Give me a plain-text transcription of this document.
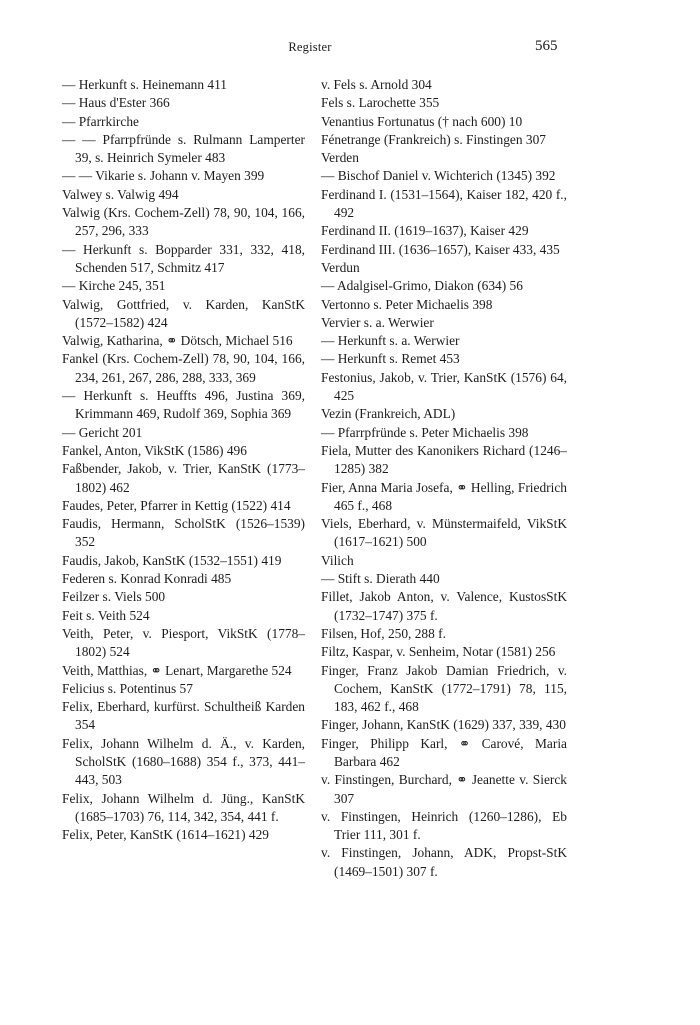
Register	565
— Herkunft s. Heinemann 411
— Haus d'Ester 366
— Pfarrkirche
— — Pfarrpfründe s. Rulmann Lamperter 39, s. Heinrich Symeler 483
— — Vikarie s. Johann v. Mayen 399
Valwey s. Valwig 494
Valwig (Krs. Cochem-Zell) 78, 90, 104, 166, 257, 296, 333
— Herkunft s. Bopparder 331, 332, 418, Schenden 517, Schmitz 417
— Kirche 245, 351
Valwig, Gottfried, v. Karden, KanStK (1572–1582) 424
Valwig, Katharina, ⚭ Dötsch, Michael 516
Fankel (Krs. Cochem-Zell) 78, 90, 104, 166, 234, 261, 267, 286, 288, 333, 369
— Herkunft s. Heuffts 496, Justina 369, Krimmann 469, Rudolf 369, Sophia 369
— Gericht 201
Fankel, Anton, VikStK (1586) 496
Faßbender, Jakob, v. Trier, KanStK (1773–1802) 462
Faudes, Peter, Pfarrer in Kettig (1522) 414
Faudis, Hermann, ScholStK (1526–1539) 352
Faudis, Jakob, KanStK (1532–1551) 419
Federen s. Konrad Konradi 485
Feilzer s. Viels 500
Feit s. Veith 524
Veith, Peter, v. Piesport, VikStK (1778–1802) 524
Veith, Matthias, ⚭ Lenart, Margarethe 524
Felicius s. Potentinus 57
Felix, Eberhard, kurfürst. Schultheiß Karden 354
Felix, Johann Wilhelm d. Ä., v. Karden, ScholStK (1680–1688) 354 f., 373, 441–443, 503
Felix, Johann Wilhelm d. Jüng., KanStK (1685–1703) 76, 114, 342, 354, 441 f.
Felix, Peter, KanStK (1614–1621) 429
v. Fels s. Arnold 304
Fels s. Larochette 355
Venantius Fortunatus († nach 600) 10
Fénetrange (Frankreich) s. Finstingen 307
Verden
— Bischof Daniel v. Wichterich (1345) 392
Ferdinand I. (1531–1564), Kaiser 182, 420 f., 492
Ferdinand II. (1619–1637), Kaiser 429
Ferdinand III. (1636–1657), Kaiser 433, 435
Verdun
— Adalgisel-Grimo, Diakon (634) 56
Vertonno s. Peter Michaelis 398
Vervier s. a. Werwier
— Herkunft s. a. Werwier
— Herkunft s. Remet 453
Festonius, Jakob, v. Trier, KanStK (1576) 64, 425
Vezin (Frankreich, ADL)
— Pfarrpfründe s. Peter Michaelis 398
Fiela, Mutter des Kanonikers Richard (1246–1285) 382
Fier, Anna Maria Josefa, ⚭ Helling, Friedrich 465 f., 468
Viels, Eberhard, v. Münstermaifeld, VikStK (1617–1621) 500
Vilich
— Stift s. Dierath 440
Fillet, Jakob Anton, v. Valence, KustosStK (1732–1747) 375 f.
Filsen, Hof, 250, 288 f.
Filtz, Kaspar, v. Senheim, Notar (1581) 256
Finger, Franz Jakob Damian Friedrich, v. Cochem, KanStK (1772–1791) 78, 115, 183, 462 f., 468
Finger, Johann, KanStK (1629) 337, 339, 430
Finger, Philipp Karl, ⚭ Carové, Maria Barbara 462
v. Finstingen, Burchard, ⚭ Jeanette v. Sierck 307
v. Finstingen, Heinrich (1260–1286), Eb Trier 111, 301 f.
v. Finstingen, Johann, ADK, Propst-StK (1469–1501) 307 f.
